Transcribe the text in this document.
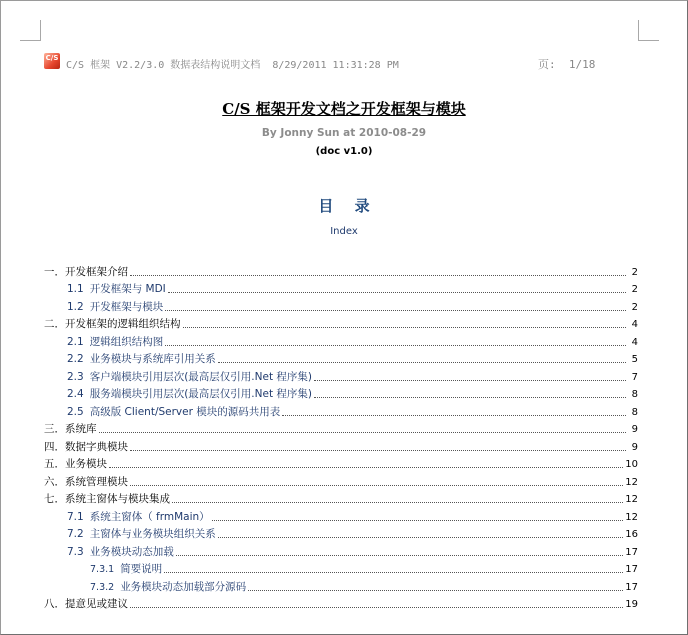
C/S
C/S 框架 V2.2/3.0 数据表结构说明文档  8/29/2011 11:31:28 PM	页:  1/18
C/S 框架开发文档之开发框架与模块
By Jonny Sun at 2010-08-29
(doc v1.0)
目 录
Index
一． 开发框架介绍	2
1.1 开发框架与 MDI	2
1.2 开发框架与模块	2
二． 开发框架的逻辑组织结构	4
2.1 逻辑组织结构图	4
2.2 业务模块与系统库引用关系	5
2.3 客户端模块引用层次(最高层仅引用.Net 程序集)	7
2.4 服务端模块引用层次(最高层仅引用.Net 程序集)	8
2.5 高级版 Client/Server 模块的源码共用表	8
三． 系统库	9
四． 数据字典模块	9
五． 业务模块	10
六． 系统管理模块	12
七． 系统主窗体与模块集成	12
7.1 系统主窗体（ frmMain）	12
7.2 主窗体与业务模块组织关系	16
7.3 业务模块动态加载	17
7.3.1 简要说明	17
7.3.2 业务模块动态加载部分源码	17
八． 提意见或建议	19
